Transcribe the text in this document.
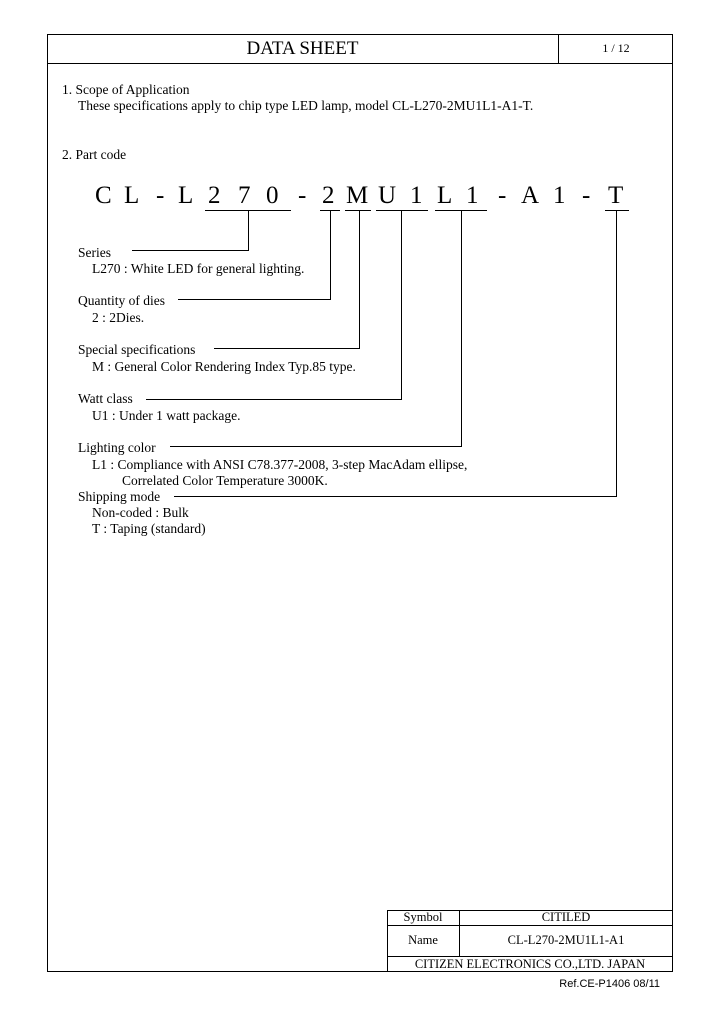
DATA SHEET	1 / 12
1. Scope of Application
These specifications apply to chip type LED lamp, model CL-L270-2MU1L1-A1-T.
2. Part code
C L - L 2 7 0 - 2 M U 1 L 1 - A 1 - T
Series
L270 : White LED for general lighting.
Quantity of dies
2 : 2Dies.
Special specifications
M : General Color Rendering Index Typ.85 type.
Watt class
U1 : Under 1 watt package.
Lighting color
L1 : Compliance with ANSI C78.377-2008, 3-step MacAdam ellipse,
Correlated Color Temperature 3000K.
Shipping mode
Non-coded : Bulk
T : Taping (standard)
Symbol	CITILED
Name	CL-L270-2MU1L1-A1
CITIZEN ELECTRONICS CO.,LTD. JAPAN
Ref.CE-P1406 08/11
